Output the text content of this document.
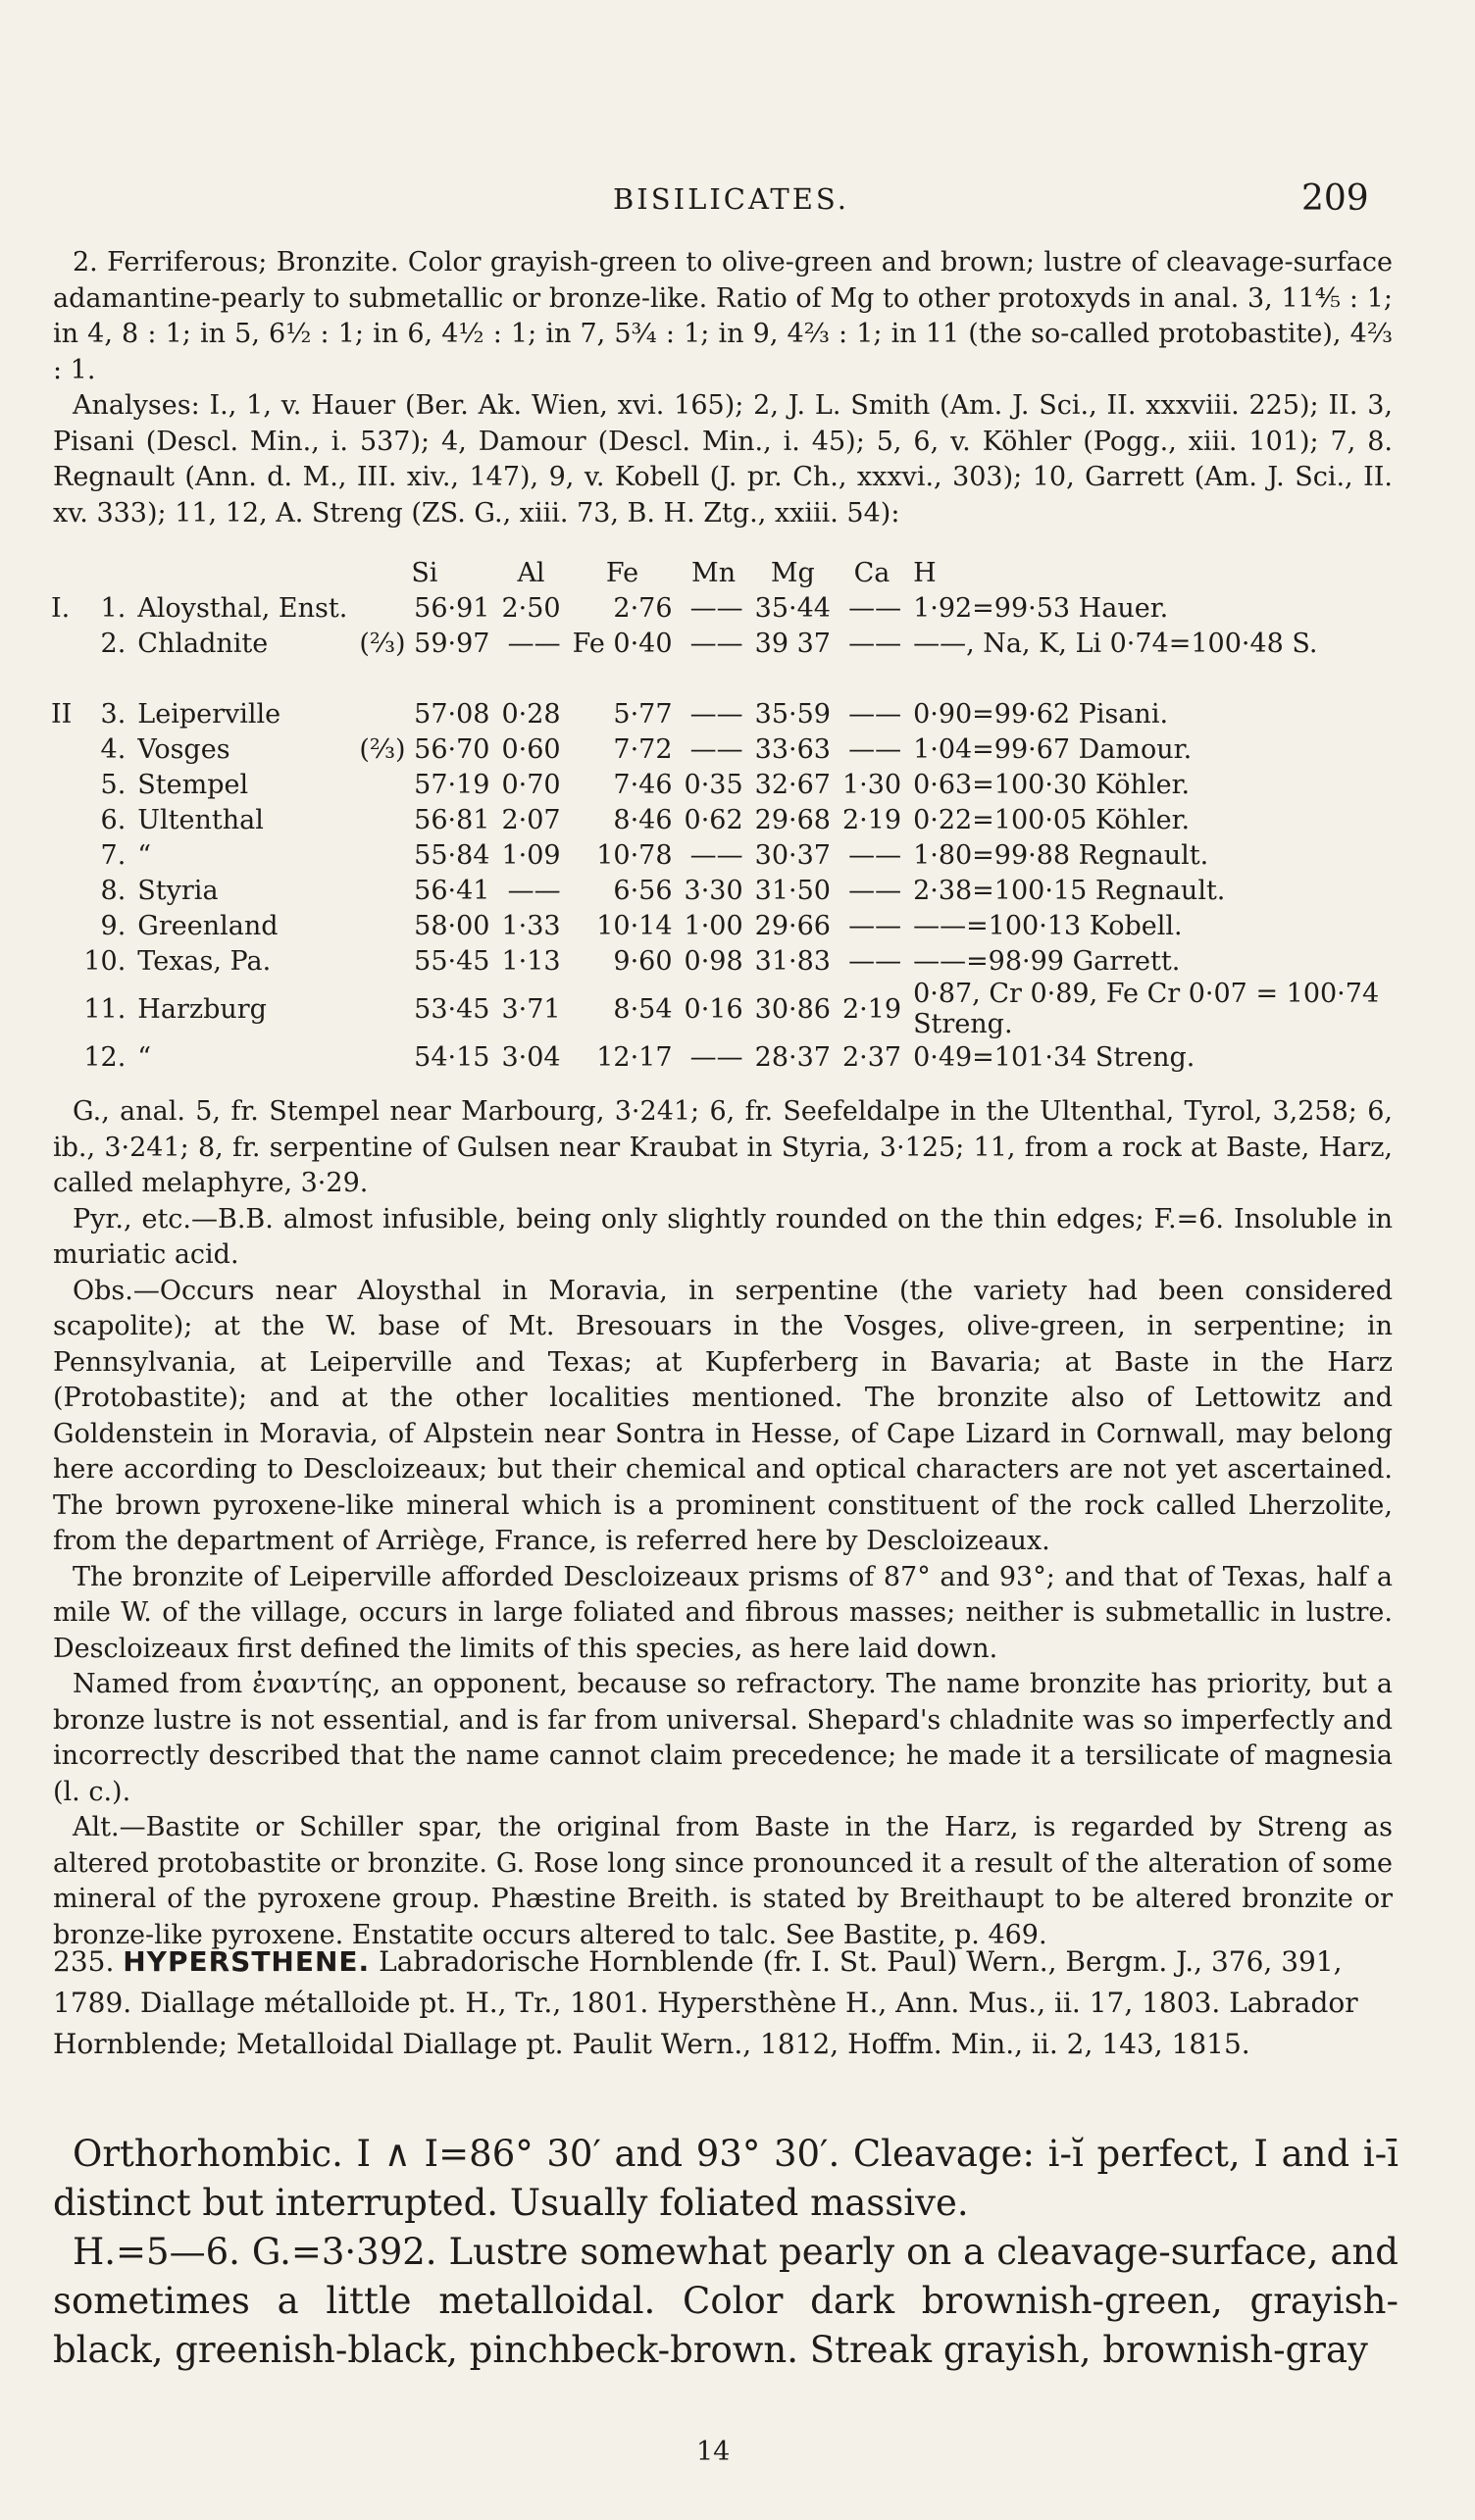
BISILICATES.	209

2. Ferriferous; Bronzite. Color grayish-green to olive-green and brown; lustre of cleavage-surface adamantine-pearly to submetallic or bronze-like. Ratio of Mg to other protoxyds in anal. 3, 11⅘ : 1; in 4, 8 : 1; in 5, 6½ : 1; in 6, 4½ : 1; in 7, 5¾ : 1; in 9, 4⅔ : 1; in 11 (the so-called protobastite), 4⅔ : 1.

Analyses: I., 1, v. Hauer (Ber. Ak. Wien, xvi. 165); 2, J. L. Smith (Am. J. Sci., II. xxxviii. 225); II. 3, Pisani (Descl. Min., i. 537); 4, Damour (Descl. Min., i. 45); 5, 6, v. Köhler (Pogg., xiii. 101); 7, 8. Regnault (Ann. d. M., III. xiv., 147), 9, v. Kobell (J. pr. Ch., xxxvi., 303); 10, Garrett (Am. J. Sci., II. xv. 333); 11, 12, A. Streng (ZS. G., xiii. 73, B. H. Ztg., xxiii. 54):

			Si	Al	Fe	Mn	Mg	Ca	H
I.	1.	Aloysthal, Enst.	56·91	2·50	2·76	——	35·44	——	1·92=99·53 Hauer.
	2.	Chladnite	(⅔) 59·97	——	Fe 0·40	——	39 37	——	——, Na, K, Li 0·74=100·48 S.

II	3.	Leiperville	57·08	0·28	5·77	——	35·59	——	0·90=99·62 Pisani.
	4.	Vosges	(⅔) 56·70	0·60	7·72	——	33·63	——	1·04=99·67 Damour.
	5.	Stempel	57·19	0·70	7·46	0·35	32·67	1·30	0·63=100·30 Köhler.
	6.	Ultenthal	56·81	2·07	8·46	0·62	29·68	2·19	0·22=100·05 Köhler.
	7.	“	55·84	1·09	10·78	——	30·37	——	1·80=99·88 Regnault.
	8.	Styria	56·41	——	6·56	3·30	31·50	——	2·38=100·15 Regnault.
	9.	Greenland	58·00	1·33	10·14	1·00	29·66	——	——=100·13 Kobell.
	10.	Texas, Pa.	55·45	1·13	9·60	0·98	31·83	——	——=98·99 Garrett.
	11.	Harzburg	53·45	3·71	8·54	0·16	30·86	2·19	0·87, Cr 0·89, Fe Cr 0·07 = 100·74 Streng.
	12.	“	54·15	3·04	12·17	——	28·37	2·37	0·49=101·34 Streng.

G., anal. 5, fr. Stempel near Marbourg, 3·241; 6, fr. Seefeldalpe in the Ultenthal, Tyrol, 3,258; 6, ib., 3·241; 8, fr. serpentine of Gulsen near Kraubat in Styria, 3·125; 11, from a rock at Baste, Harz, called melaphyre, 3·29.

Pyr., etc.—B.B. almost infusible, being only slightly rounded on the thin edges; F.=6. Insoluble in muriatic acid.

Obs.—Occurs near Aloysthal in Moravia, in serpentine (the variety had been considered scapolite); at the W. base of Mt. Bresouars in the Vosges, olive-green, in serpentine; in Pennsylvania, at Leiperville and Texas; at Kupferberg in Bavaria; at Baste in the Harz (Protobastite); and at the other localities mentioned. The bronzite also of Lettowitz and Goldenstein in Moravia, of Alpstein near Sontra in Hesse, of Cape Lizard in Cornwall, may belong here according to Descloizeaux; but their chemical and optical characters are not yet ascertained. The brown pyroxene-like mineral which is a prominent constituent of the rock called Lherzolite, from the department of Arriège, France, is referred here by Descloizeaux.

The bronzite of Leiperville afforded Descloizeaux prisms of 87° and 93°; and that of Texas, half a mile W. of the village, occurs in large foliated and fibrous masses; neither is submetallic in lustre. Descloizeaux first defined the limits of this species, as here laid down.

Named from ἐναντίης, an opponent, because so refractory. The name bronzite has priority, but a bronze lustre is not essential, and is far from universal. Shepard's chladnite was so imperfectly and incorrectly described that the name cannot claim precedence; he made it a tersilicate of magnesia (l. c.).

Alt.—Bastite or Schiller spar, the original from Baste in the Harz, is regarded by Streng as altered protobastite or bronzite. G. Rose long since pronounced it a result of the alteration of some mineral of the pyroxene group. Phæstine Breith. is stated by Breithaupt to be altered bronzite or bronze-like pyroxene. Enstatite occurs altered to talc. See Bastite, p. 469.

235. HYPERSTHENE. Labradorische Hornblende (fr. I. St. Paul) Wern., Bergm. J., 376, 391, 1789. Diallage métalloide pt. H., Tr., 1801. Hypersthène H., Ann. Mus., ii. 17, 1803. Labrador Hornblende; Metalloidal Diallage pt. Paulit Wern., 1812, Hoffm. Min., ii. 2, 143, 1815.

Orthorhombic. I ∧ I=86° 30′ and 93° 30′. Cleavage: i-ĭ perfect, I and i-ī distinct but interrupted. Usually foliated massive.

H.=5—6. G.=3·392. Lustre somewhat pearly on a cleavage-surface, and sometimes a little metalloidal. Color dark brownish-green, grayish-black, greenish-black, pinchbeck-brown. Streak grayish, brownish-gray

14
